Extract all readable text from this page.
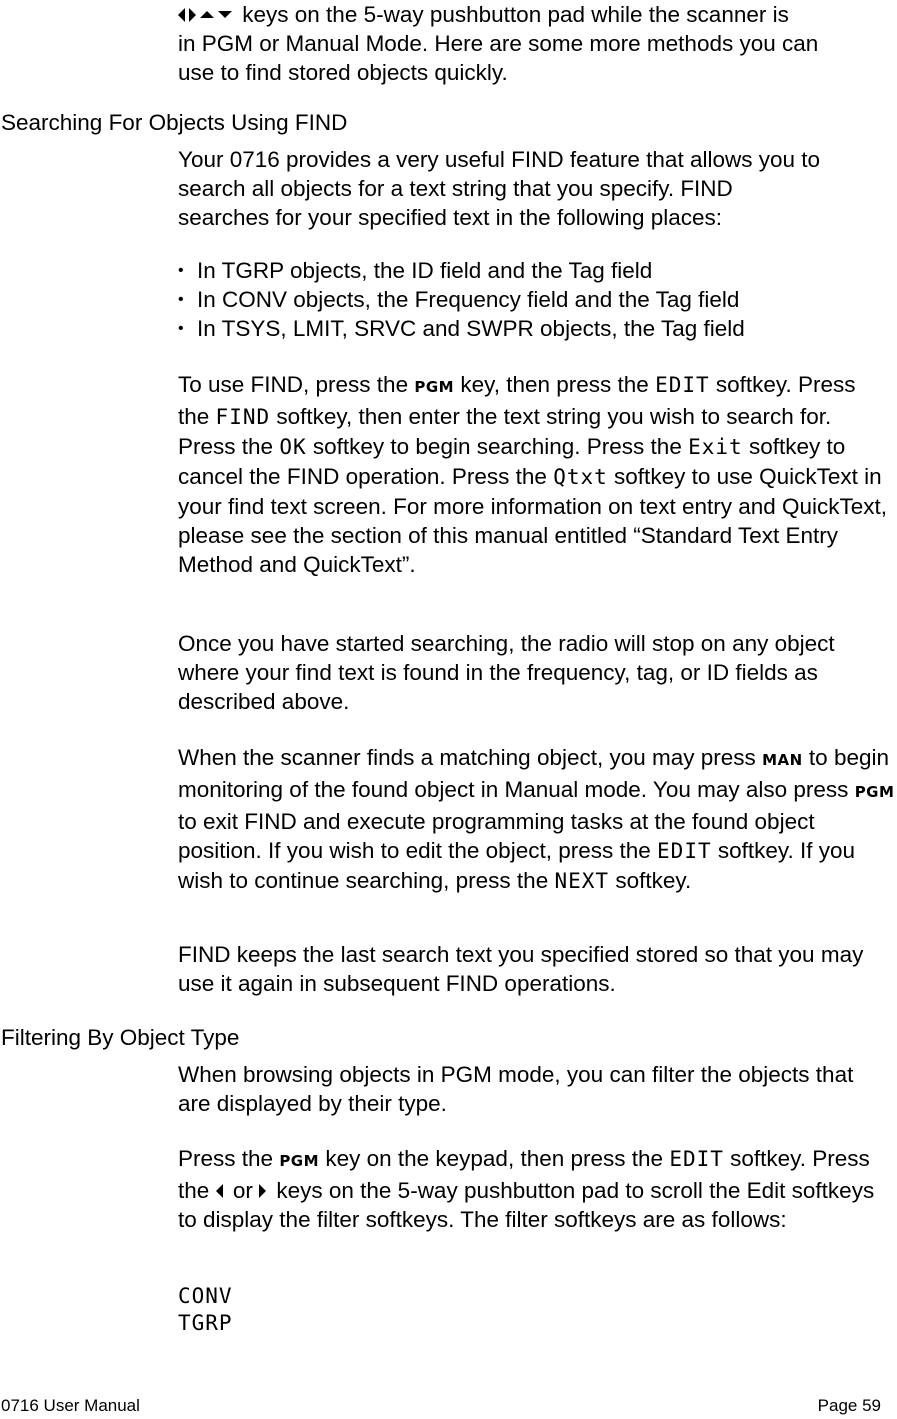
keys on the 5-way pushbutton pad while the scanner is
in PGM or Manual Mode. Here are some more methods you can
use to find stored objects quickly.
Searching For Objects Using FIND

Your 0716 provides a very useful FIND feature that allows you to search all objects for a text string that you specify. FIND searches for your specified text in the following places:

• In TGRP objects, the ID field and the Tag field
• In CONV objects, the Frequency field and the Tag field
• In TSYS, LMIT, SRVC and SWPR objects, the Tag field

To use FIND, press the PGM key, then press the EDIT softkey. Press the FIND softkey, then enter the text string you wish to search for. Press the OK softkey to begin searching. Press the Exit softkey to cancel the FIND operation. Press the Qtxt softkey to use QuickText in your find text screen. For more information on text entry and QuickText, please see the section of this manual entitled “Standard Text Entry Method and QuickText”.

Once you have started searching, the radio will stop on any object where your find text is found in the frequency, tag, or ID fields as described above.

When the scanner finds a matching object, you may press MAN to begin monitoring of the found object in Manual mode. You may also press PGM to exit FIND and execute programming tasks at the found object position. If you wish to edit the object, press the EDIT softkey. If you wish to continue searching, press the NEXT softkey.

FIND keeps the last search text you specified stored so that you may use it again in subsequent FIND operations.

Filtering By Object Type

When browsing objects in PGM mode, you can filter the objects that are displayed by their type.

Press the PGM key on the keypad, then press the EDIT softkey. Press the or keys on the 5-way pushbutton pad to scroll the Edit softkeys to display the filter softkeys. The filter softkeys are as follows:

CONV
TGRP
0716 User Manual	Page 59
